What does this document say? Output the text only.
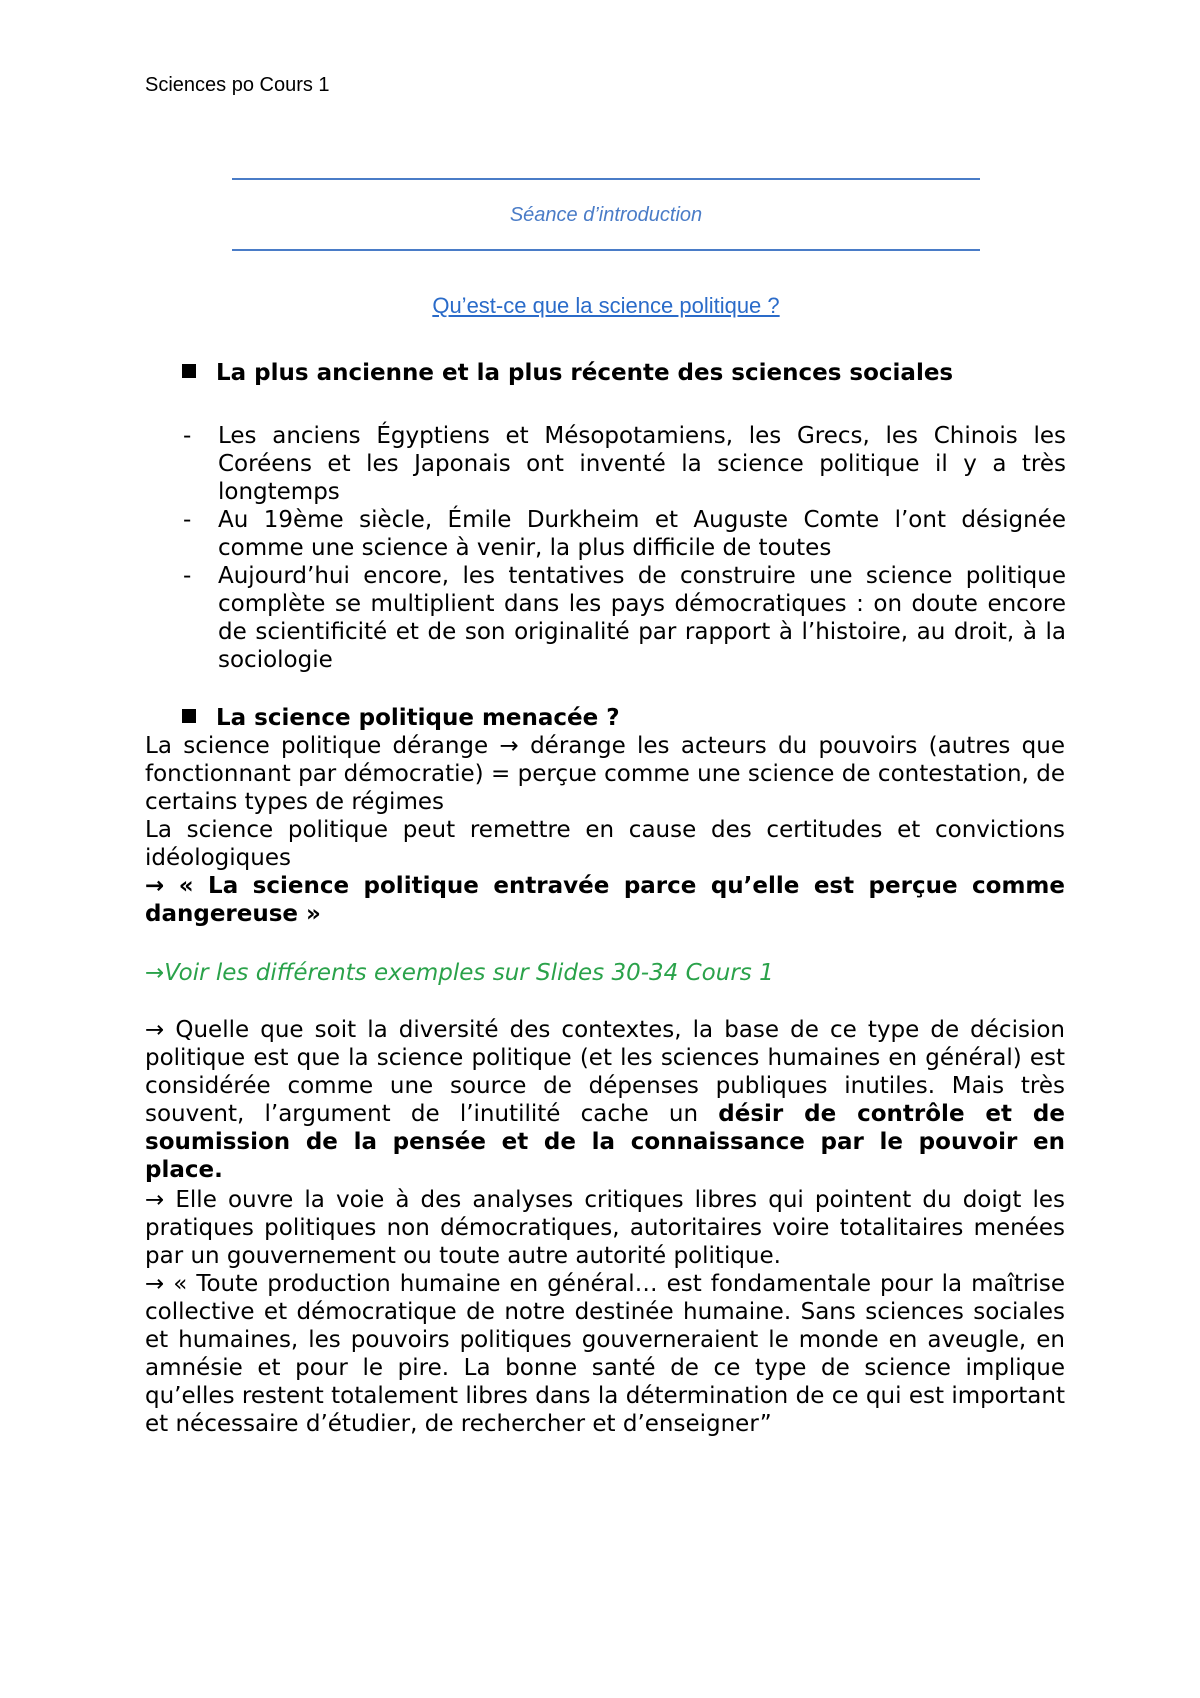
Sciences po Cours 1
Séance d’introduction
Qu’est-ce que la science politique ?
La plus ancienne et la plus récente des sciences sociales
- Les anciens Égyptiens et Mésopotamiens, les Grecs, les Chinois les Coréens et les Japonais ont inventé la science politique il y a très longtemps
- Au 19ème siècle, Émile Durkheim et Auguste Comte l’ont désignée comme une science à venir, la plus difficile de toutes
- Aujourd’hui encore, les tentatives de construire une science politique complète se multiplient dans les pays démocratiques : on doute encore de scientificité et de son originalité par rapport à l’histoire, au droit, à la sociologie
La science politique menacée ?

La science politique dérange → dérange les acteurs du pouvoirs (autres que fonctionnant par démocratie) = perçue comme une science de contestation, de certains types de régimes
La science politique peut remettre en cause des certitudes et convictions idéologiques
→ « La science politique entravée parce qu’elle est perçue comme dangereuse »

→Voir les différents exemples sur Slides 30-34 Cours 1

→ Quelle que soit la diversité des contextes, la base de ce type de décision politique est que la science politique (et les sciences humaines en général) est considérée comme une source de dépenses publiques inutiles. Mais très souvent, l’argument de l’inutilité cache un désir de contrôle et de soumission de la pensée et de la connaissance par le pouvoir en place.

→ Elle ouvre la voie à des analyses critiques libres qui pointent du doigt les pratiques politiques non démocratiques, autoritaires voire totalitaires menées par un gouvernement ou toute autre autorité politique.

→ « Toute production humaine en général… est fondamentale pour la maîtrise collective et démocratique de notre destinée humaine. Sans sciences sociales et humaines, les pouvoirs politiques gouverneraient le monde en aveugle, en amnésie et pour le pire. La bonne santé de ce type de science implique qu’elles restent totalement libres dans la détermination de ce qui est important et nécessaire d’étudier, de rechercher et d’enseigner”
